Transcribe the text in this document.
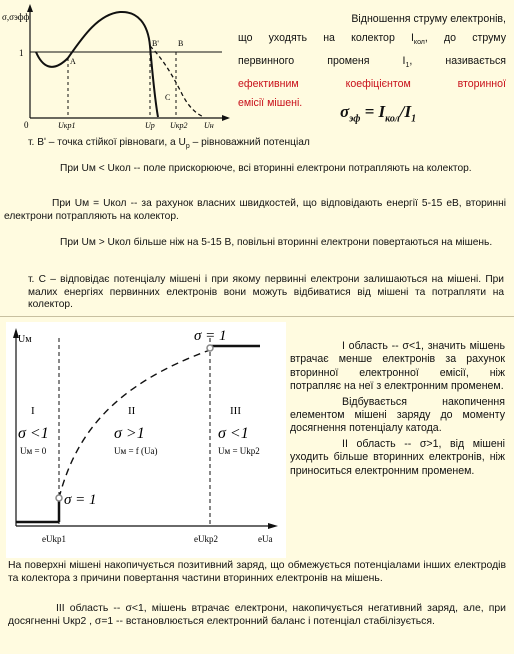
Відношення струму електронів,
що уходять на колектор $I_{кол}$, до струму
первинного променя $I_1$, називається
ефективним коефіцієнтом вторинної
емісії мішені.	$\sigma_{эф} = I_{кол}/I_1$
σ,σэфф
1
0	Uкр1	Up Uкр2 Uн
A
B
B'
C
т. Bʹ – точка стійкої рівноваги, а $U_р$ – рівноважний потенціал
При Uм < Uкол -- поле прискорююче, всі вторинні електрони потрапляють на колектор.
При Uм = Uкол -- за рахунок власних швидкостей, що відповідають енергії 5-15 еВ, вторинні електрони потрапляють на колектор.
При Uм > Uкол більше ніж на 5-15 В, повільні вторинні електрони повертаються на мішень.
т. С – відповідає потенціалу мішені і при якому первинні електрони залишаються на мішені. При малих енергіях первинних електронів вони можуть відбиватися від мішені та потрапляти на колектор.
Uм
I	II	III
σ <1	σ >1	σ <1
Uм = 0	Uм = f (Ua)	Uм = Ukp2
σ = 1
σ = 1
eUkp1	eUkp2	eUa
І область -- σ<1, значить мішень втрачає менше електронів за рахунок вторинної електронної емісії, ніж потрапляє на неї з електронним променем.
Відбувається накопичення елементом мішені заряду до моменту досягнення потенціалу катода.
ІІ область -- σ>1, від мішені уходить більше вторинних електронів, ніж приноситься електронним променем.
На поверхні мішені накопичується позитивний заряд, що обмежується потенціалами інших електродів та колектора з причини повертання частини вторинних електронів на мішень.
ІІІ область -- σ<1, мішень втрачає електрони, накопичується негативний заряд, але, при досягненні Uкр2 , σ=1 -- встановлюється електронний баланс і потенціал стабілізується.
